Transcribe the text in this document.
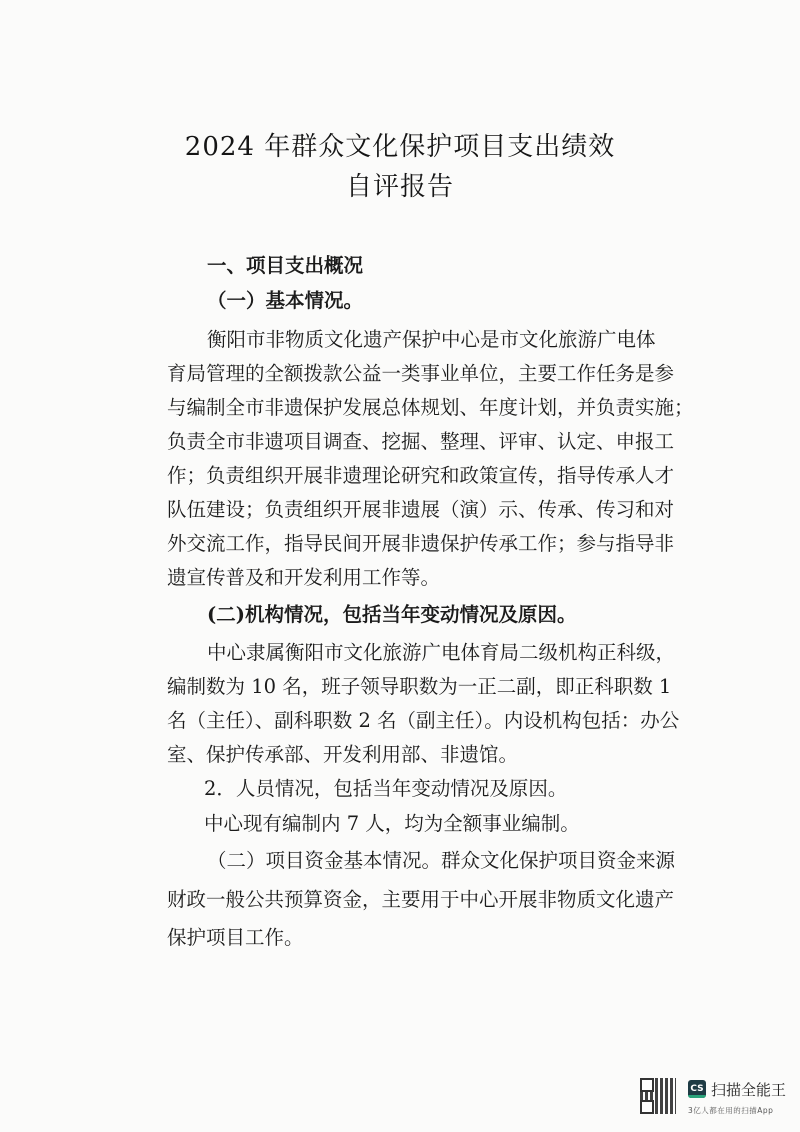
2024 年群众文化保护项目支出绩效
自评报告
一、项目支出概况
（一）基本情况。
衡阳市非物质文化遗产保护中心是市文化旅游广电体
育局管理的全额拨款公益一类事业单位，主要工作任务是参
与编制全市非遗保护发展总体规划、年度计划，并负责实施；
负责全市非遗项目调查、挖掘、整理、评审、认定、申报工
作；负责组织开展非遗理论研究和政策宣传，指导传承人才
队伍建设；负责组织开展非遗展（演）示、传承、传习和对
外交流工作，指导民间开展非遗保护传承工作；参与指导非
遗宣传普及和开发利用工作等。
(二)机构情况，包括当年变动情况及原因。
中心隶属衡阳市文化旅游广电体育局二级机构正科级，
编制数为 10 名，班子领导职数为一正二副，即正科职数 1
名（主任）、副科职数 2 名（副主任）。内设机构包括：办公
室、保护传承部、开发利用部、非遗馆。
2．人员情况，包括当年变动情况及原因。
中心现有编制内 7 人，均为全额事业编制。
（二）项目资金基本情况。群众文化保护项目资金来源
财政一般公共预算资金，主要用于中心开展非物质文化遗产
保护项目工作。
CS 扫描全能王
3亿人都在用的扫描App
